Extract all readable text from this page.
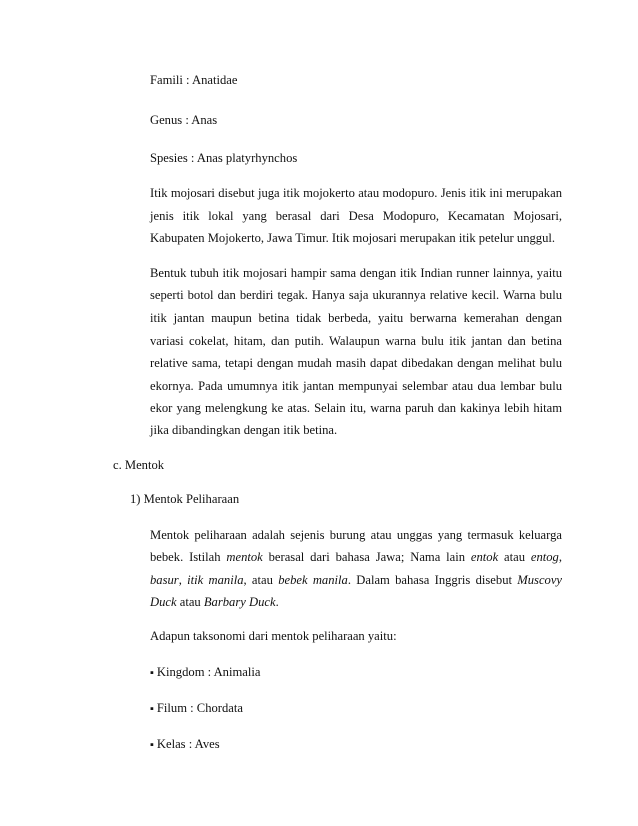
Famili : Anatidae
Genus : Anas
Spesies : Anas platyrhynchos
Itik mojosari disebut juga itik mojokerto atau modopuro. Jenis itik ini merupakan
jenis itik lokal yang berasal dari Desa Modopuro, Kecamatan Mojosari,
Kabupaten Mojokerto, Jawa Timur. Itik mojosari merupakan itik petelur unggul.
Bentuk tubuh itik mojosari hampir sama dengan itik Indian runner lainnya, yaitu
seperti botol dan berdiri tegak. Hanya saja ukurannya relative kecil. Warna bulu
itik jantan maupun betina tidak berbeda, yaitu berwarna kemerahan dengan
variasi cokelat, hitam, dan putih. Walaupun warna bulu itik jantan dan betina
relative sama, tetapi dengan mudah masih dapat dibedakan dengan melihat bulu
ekornya. Pada umumnya itik jantan mempunyai selembar atau dua lembar bulu
ekor yang melengkung ke atas. Selain itu, warna paruh dan kakinya lebih hitam
jika dibandingkan dengan itik betina.
c. Mentok
1) Mentok Peliharaan
Mentok peliharaan adalah sejenis burung atau unggas yang termasuk keluarga
bebek. Istilah mentok berasal dari bahasa Jawa; Nama lain entok atau entog,
basur, itik manila, atau bebek manila. Dalam bahasa Inggris disebut Muscovy
Duck atau Barbary Duck.
Adapun taksonomi dari mentok peliharaan yaitu:
▪ Kingdom : Animalia
▪ Filum : Chordata
▪ Kelas : Aves
